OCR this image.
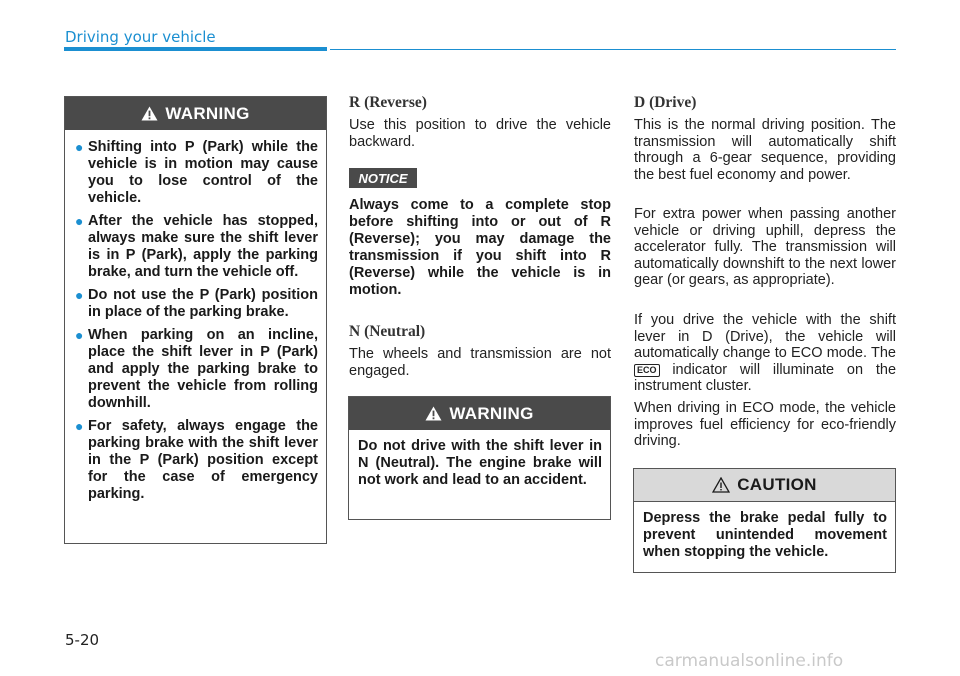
Driving your vehicle
WARNING
● Shifting into P (Park) while the vehicle is in motion may cause you to lose control of the vehicle.
● After the vehicle has stopped, always make sure the shift lever is in P (Park), apply the parking brake, and turn the vehicle off.
● Do not use the P (Park) position in place of the parking brake.
● When parking on an incline, place the shift lever in P (Park) and apply the parking brake to prevent the vehicle from rolling downhill.
● For safety, always engage the parking brake with the shift lever in the P (Park) position except for the case of emergency parking.
R (Reverse)
Use this position to drive the vehicle backward.
NOTICE
Always come to a complete stop before shifting into or out of R (Reverse); you may damage the transmission if you shift into R (Reverse) while the vehicle is in motion.
N (Neutral)
The wheels and transmission are not engaged.
WARNING
Do not drive with the shift lever in N (Neutral). The engine brake will not work and lead to an accident.
D (Drive)
This is the normal driving position. The transmission will automatically shift through a 6-gear sequence, providing the best fuel economy and power.
For extra power when passing another vehicle or driving uphill, depress the accelerator fully. The transmission will automatically downshift to the next lower gear (or gears, as appropriate).
If you drive the vehicle with the shift lever in D (Drive), the vehicle will automatically change to ECO mode. The ECO indicator will illuminate on the instrument cluster.
When driving in ECO mode, the vehicle improves fuel efficiency for eco-friendly driving.
CAUTION
Depress the brake pedal fully to prevent unintended movement when stopping the vehicle.
5-20
carmanualsonline.info
